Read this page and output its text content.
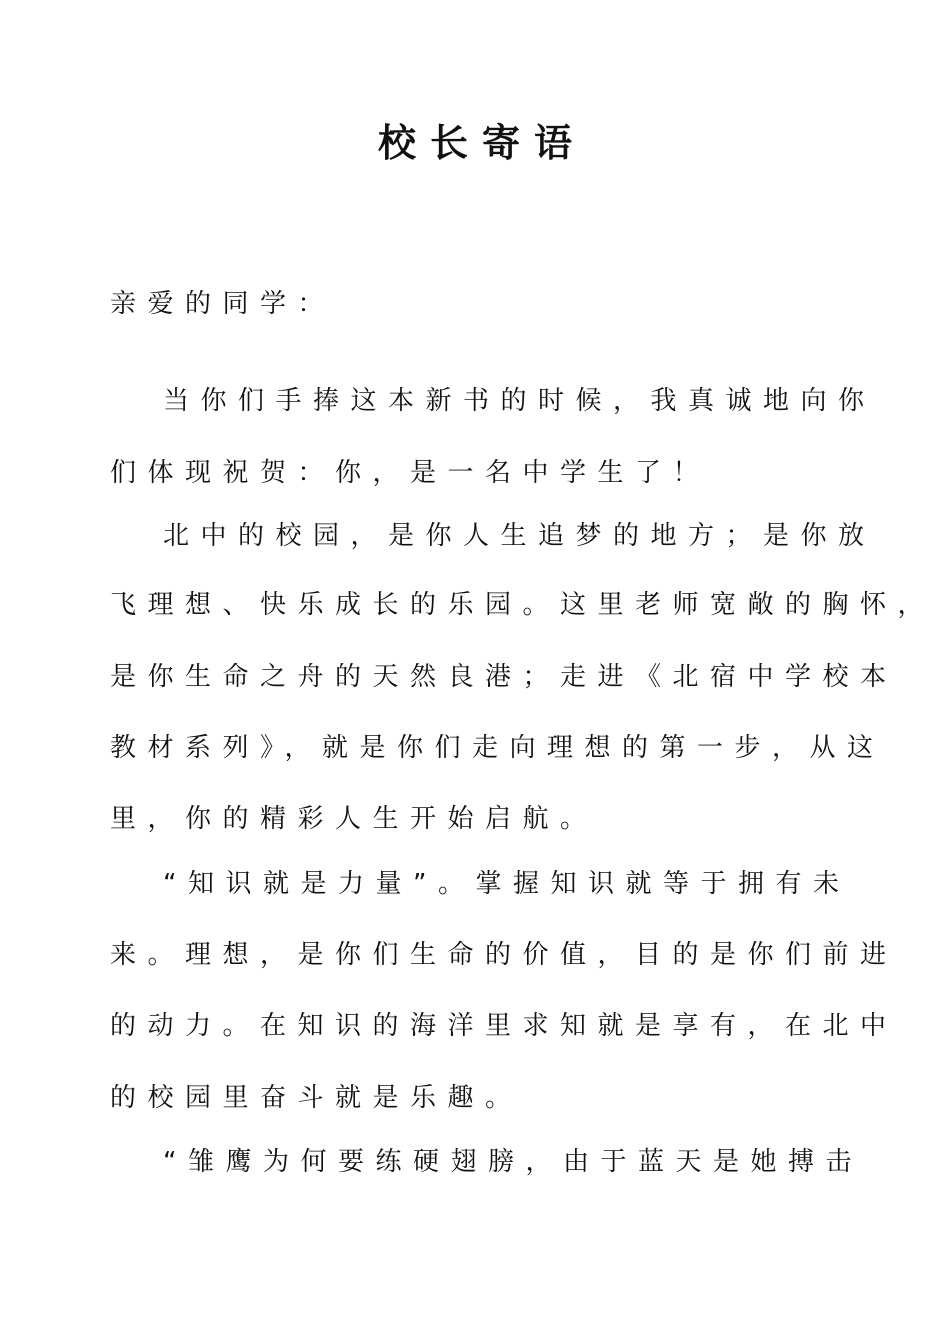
校长寄语
亲爱的同学：
当你们手捧这本新书的时候，我真诚地向你
们体现祝贺：你，是一名中学生了！
北中的校园，是你人生追梦的地方；是你放
飞理想、快乐成长的乐园。这里老师宽敞的胸怀，
是你生命之舟的天然良港；走进《北宿中学校本
教材系列》，就是你们走向理想的第一步，从这
里，你的精彩人生开始启航。
“知识就是力量”。掌握知识就等于拥有未
来。理想，是你们生命的价值，目的是你们前进
的动力。在知识的海洋里求知就是享有，在北中
的校园里奋斗就是乐趣。
“雏鹰为何要练硬翅膀，由于蓝天是她搏击
